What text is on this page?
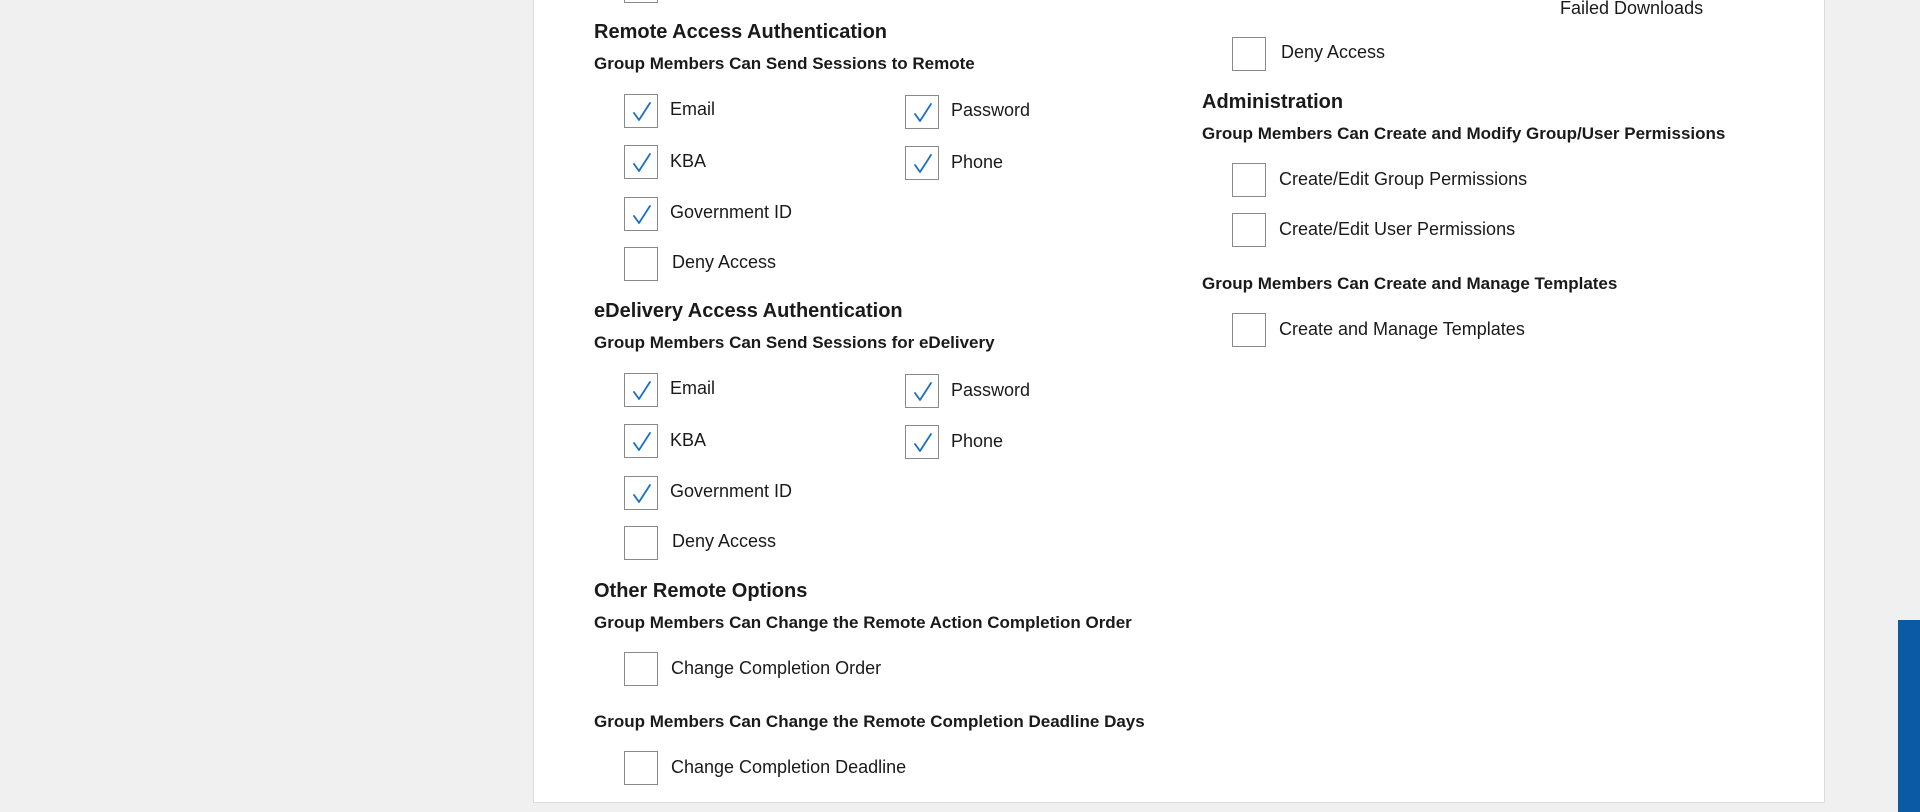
Failed Downloads
Deny Access
Administration
Group Members Can Create and Modify Group/User Permissions
Create/Edit Group Permissions
Create/Edit User Permissions
Group Members Can Create and Manage Templates
Create and Manage Templates
Remote Access Authentication
Group Members Can Send Sessions to Remote
Email	Password
KBA	Phone
Government ID
Deny Access
eDelivery Access Authentication
Group Members Can Send Sessions for eDelivery
Email	Password
KBA	Phone
Government ID
Deny Access
Other Remote Options
Group Members Can Change the Remote Action Completion Order
Change Completion Order
Group Members Can Change the Remote Completion Deadline Days
Change Completion Deadline
